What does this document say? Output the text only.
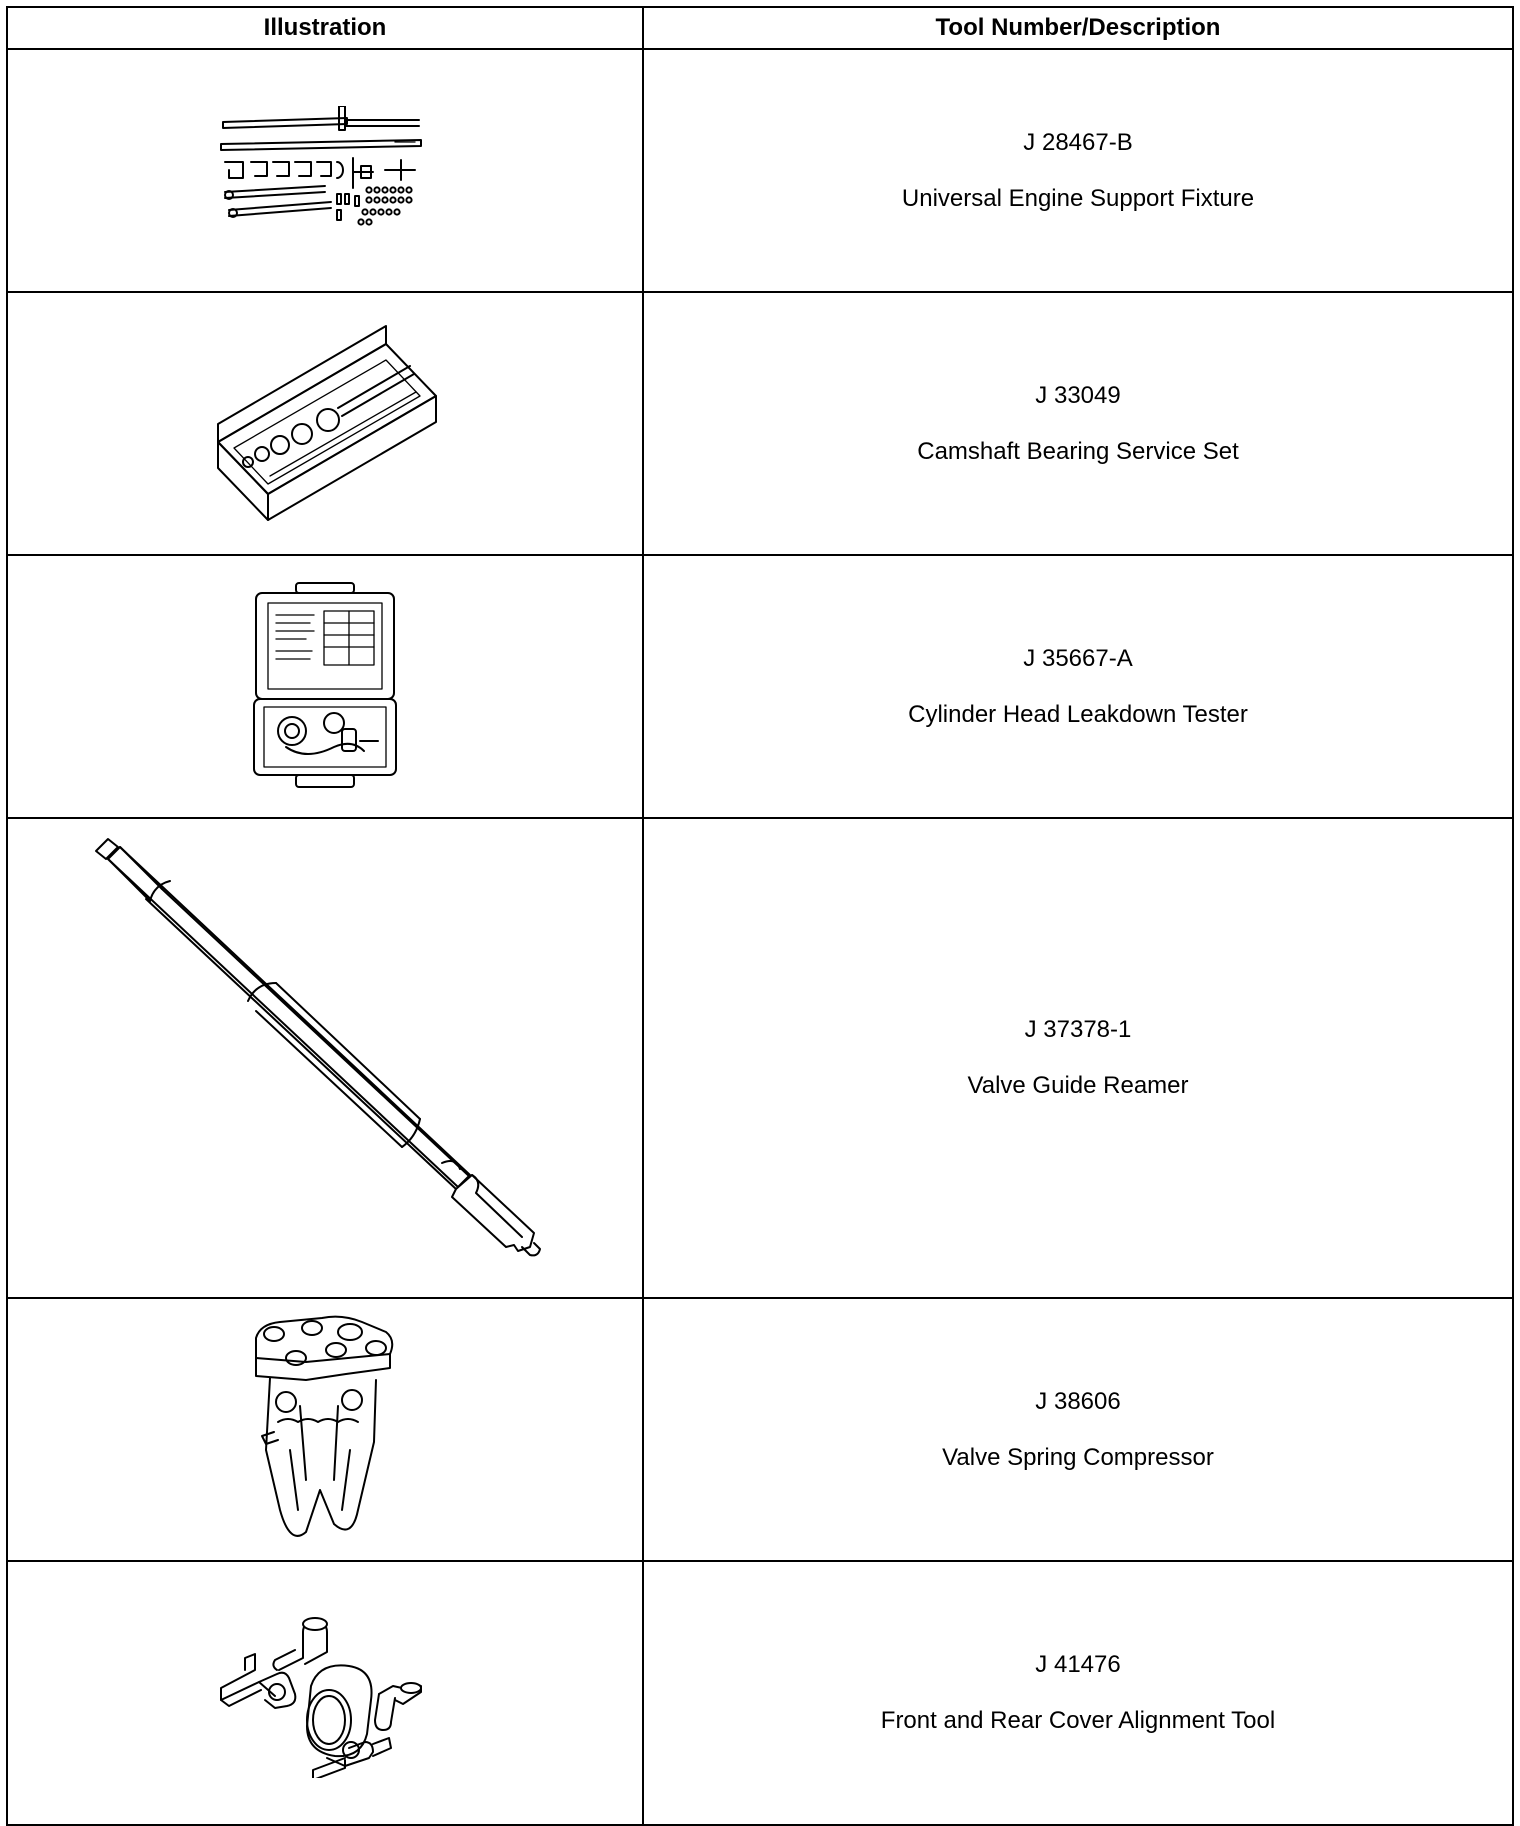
Illustration	Tool Number/Description

J 28467-B
Universal Engine Support Fixture

J 33049
Camshaft Bearing Service Set

J 35667-A
Cylinder Head Leakdown Tester

J 37378-1
Valve Guide Reamer

J 38606
Valve Spring Compressor

J 41476
Front and Rear Cover Alignment Tool
